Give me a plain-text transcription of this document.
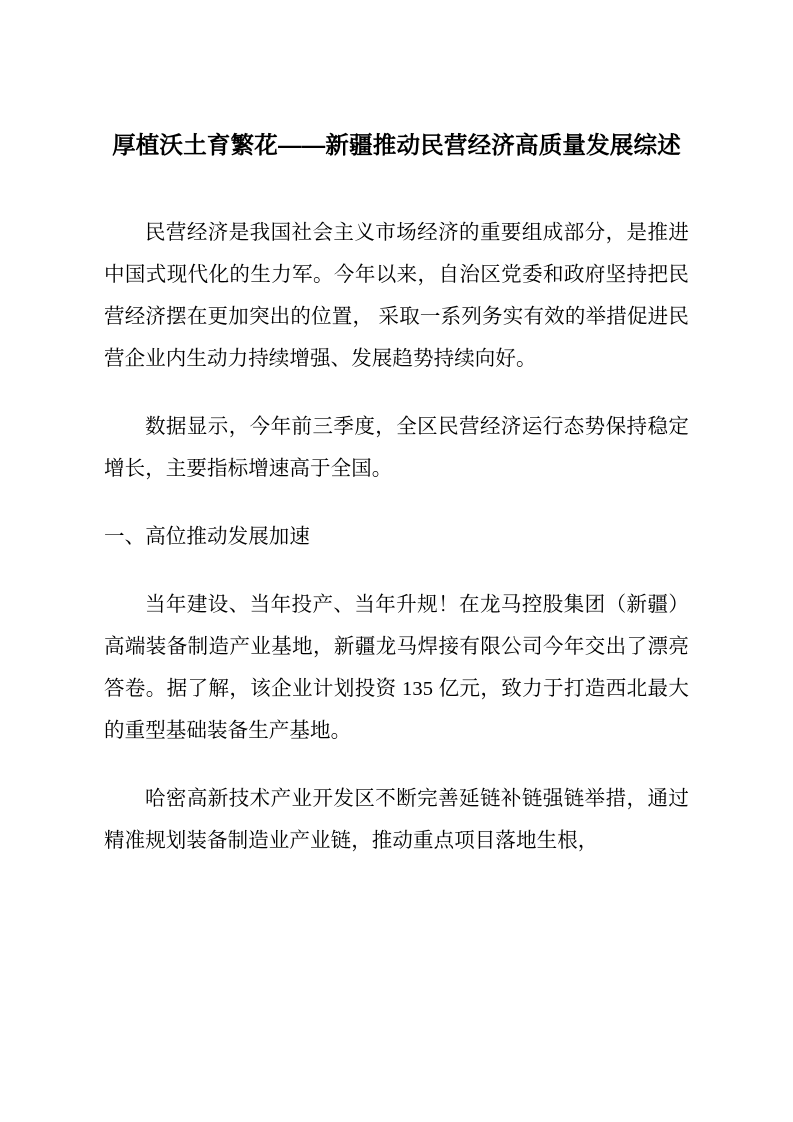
厚植沃土育繁花——新疆推动民营经济高质量发展综述

民营经济是我国社会主义市场经济的重要组成部分，是推进中国式现代化的生力军。今年以来，自治区党委和政府坚持把民营经济摆在更加突出的位置， 采取一系列务实有效的举措促进民营企业内生动力持续增强、发展趋势持续向好。

数据显示，今年前三季度，全区民营经济运行态势保持稳定增长，主要指标增速高于全国。

一、高位推动发展加速

当年建设、当年投产、当年升规！在龙马控股集团（新疆）高端装备制造产业基地，新疆龙马焊接有限公司今年交出了漂亮答卷。据了解，该企业计划投资 135 亿元，致力于打造西北最大的重型基础装备生产基地。

哈密高新技术产业开发区不断完善延链补链强链举措，通过精准规划装备制造业产业链，推动重点项目落地生根，
